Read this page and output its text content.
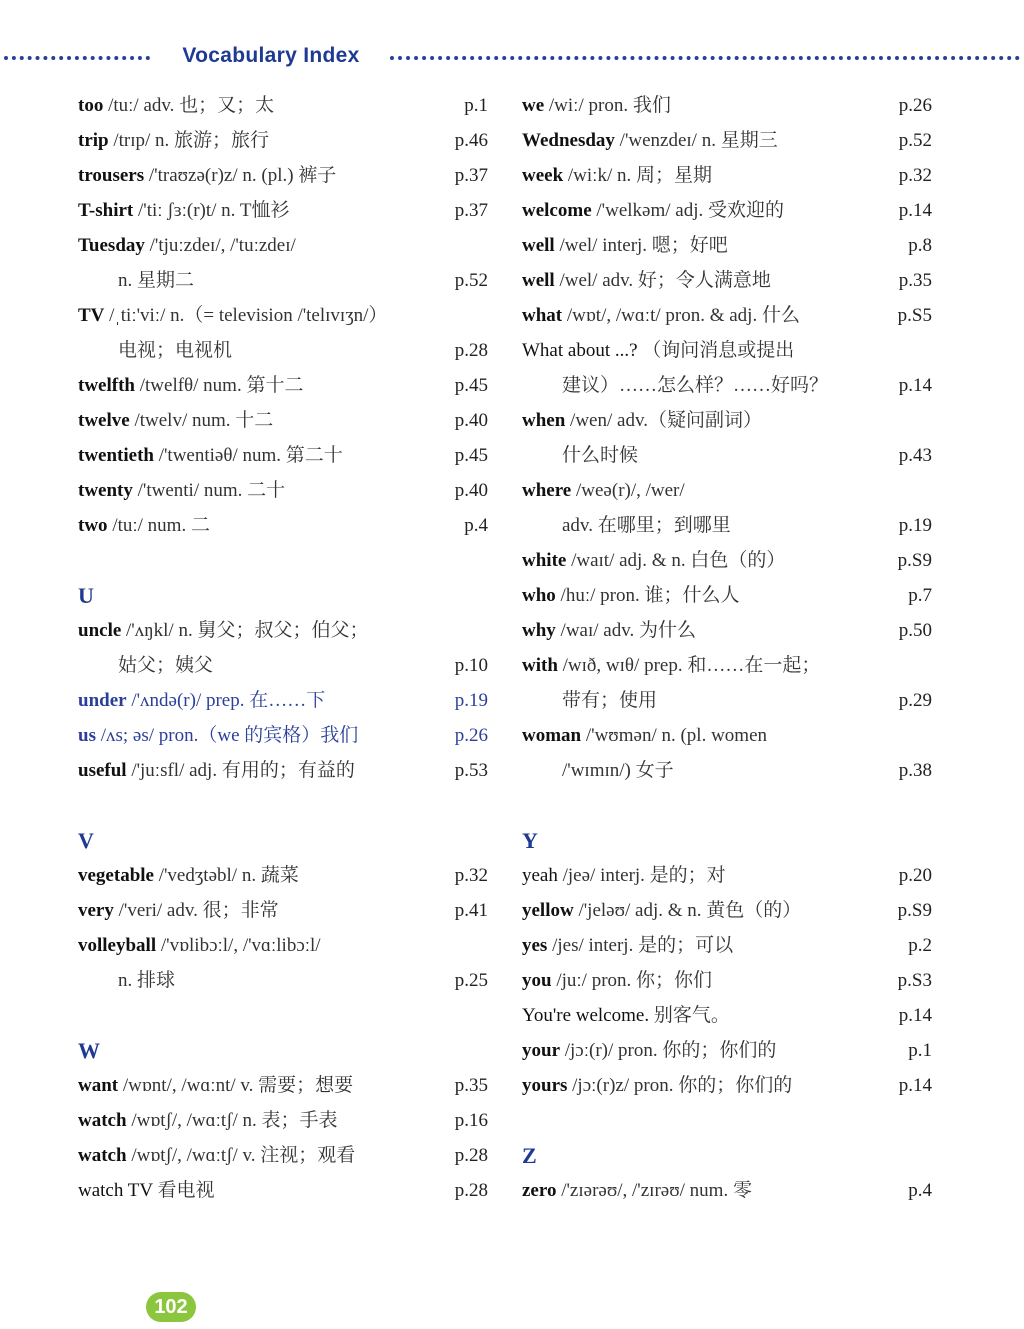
Vocabulary Index
too /tuː/ adv. 也；又；太	p.1
trip /trɪp/ n. 旅游；旅行	p.46
trousers /'traʊzə(r)z/ n. (pl.) 裤子	p.37
T-shirt /'tiː ʃɜː(r)t/ n. T恤衫	p.37
Tuesday /'tjuːzdeɪ/, /'tuːzdeɪ/
n. 星期二	p.52
TV /ˌtiː'viː/ n.（= television /'telɪvɪʒn/）
电视；电视机	p.28
twelfth /twelfθ/ num. 第十二	p.45
twelve /twelv/ num. 十二	p.40
twentieth /'twentiəθ/ num. 第二十	p.45
twenty /'twenti/ num. 二十	p.40
two /tuː/ num. 二	p.4
U
uncle /'ʌŋkl/ n. 舅父；叔父；伯父；
姑父；姨父	p.10
under /'ʌndə(r)/ prep. 在……下	p.19
us /ʌs; əs/ pron.（we 的宾格）我们	p.26
useful /'juːsfl/ adj. 有用的；有益的	p.53
V
vegetable /'vedʒtəbl/ n. 蔬菜	p.32
very /'veri/ adv. 很；非常	p.41
volleyball /'vɒlibɔːl/, /'vɑːlibɔːl/
n. 排球	p.25
W
want /wɒnt/, /wɑːnt/ v. 需要；想要	p.35
watch /wɒtʃ/, /wɑːtʃ/ n. 表；手表	p.16
watch /wɒtʃ/, /wɑːtʃ/ v. 注视；观看	p.28
watch TV 看电视	p.28
we /wiː/ pron. 我们	p.26
Wednesday /'wenzdeɪ/ n. 星期三	p.52
week /wiːk/ n. 周；星期	p.32
welcome /'welkəm/ adj. 受欢迎的	p.14
well /wel/ interj. 嗯；好吧	p.8
well /wel/ adv. 好；令人满意地	p.35
what /wɒt/, /wɑːt/ pron. & adj. 什么	p.S5
What about ...? （询问消息或提出
建议）……怎么样？……好吗？	p.14
when /wen/ adv.（疑问副词）
什么时候	p.43
where /weə(r)/, /wer/
adv. 在哪里；到哪里	p.19
white /waɪt/ adj. & n. 白色（的）	p.S9
who /huː/ pron. 谁；什么人	p.7
why /waɪ/ adv. 为什么	p.50
with /wɪð, wɪθ/ prep. 和……在一起；
带有；使用	p.29
woman /'wʊmən/ n. (pl. women
/'wɪmɪn/) 女子	p.38
Y
yeah /jeə/ interj. 是的；对	p.20
yellow /'jeləʊ/ adj. & n. 黄色（的）	p.S9
yes /jes/ interj. 是的；可以	p.2
you /juː/ pron. 你；你们	p.S3
You're welcome. 别客气。	p.14
your /jɔː(r)/ pron. 你的；你们的	p.1
yours /jɔː(r)z/ pron. 你的；你们的	p.14
Z
zero /'zɪərəʊ/, /'zɪrəʊ/ num. 零	p.4
102
